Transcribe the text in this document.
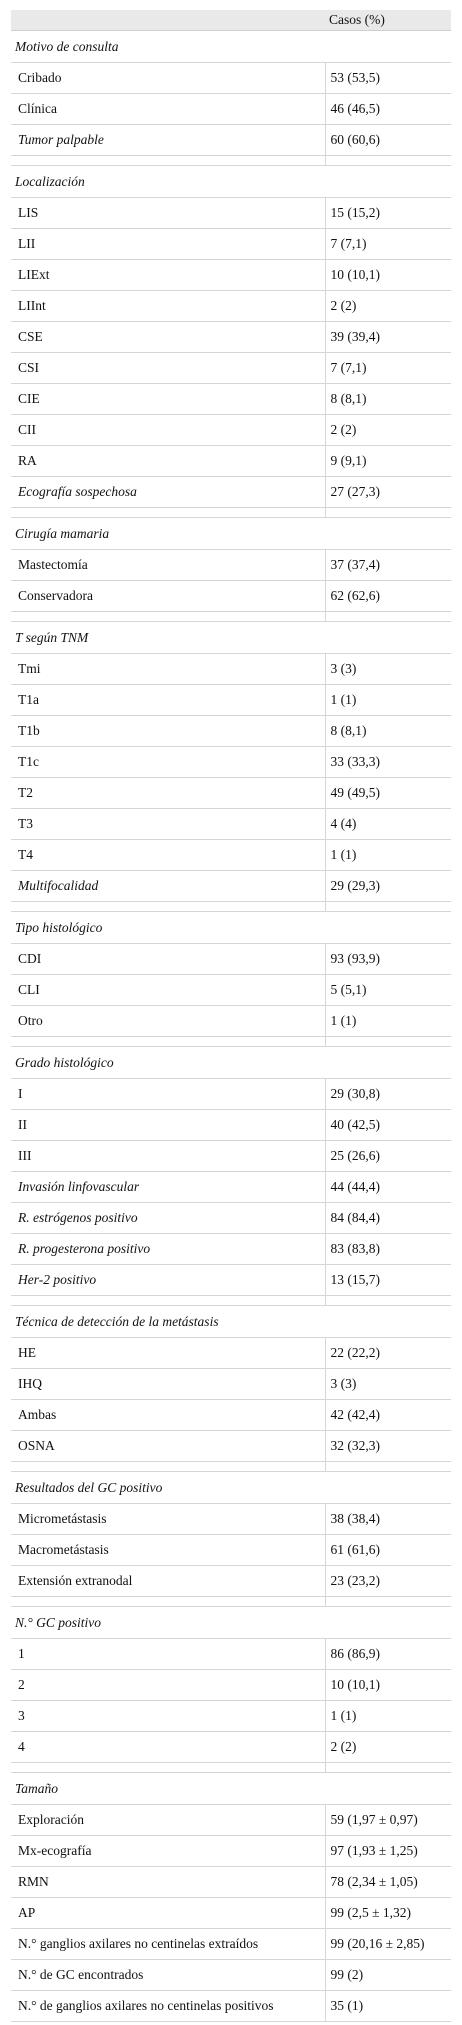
	Casos (%)
Motivo de consulta	
Cribado	53 (53,5)
Clínica	46 (46,5)
Tumor palpable	60 (60,6)

Localización	
LIS	15 (15,2)
LII	7 (7,1)
LIExt	10 (10,1)
LIInt	2 (2)
CSE	39 (39,4)
CSI	7 (7,1)
CIE	8 (8,1)
CII	2 (2)
RA	9 (9,1)
Ecografía sospechosa	27 (27,3)

Cirugía mamaria	
Mastectomía	37 (37,4)
Conservadora	62 (62,6)

T según TNM	
Tmi	3 (3)
T1a	1 (1)
T1b	8 (8,1)
T1c	33 (33,3)
T2	49 (49,5)
T3	4 (4)
T4	1 (1)
Multifocalidad	29 (29,3)

Tipo histológico	
CDI	93 (93,9)
CLI	5 (5,1)
Otro	1 (1)

Grado histológico	
I	29 (30,8)
II	40 (42,5)
III	25 (26,6)
Invasión linfovascular	44 (44,4)
R. estrógenos positivo	84 (84,4)
R. progesterona positivo	83 (83,8)
Her-2 positivo	13 (15,7)

Técnica de detección de la metástasis	
HE	22 (22,2)
IHQ	3 (3)
Ambas	42 (42,4)
OSNA	32 (32,3)

Resultados del GC positivo	
Micrometástasis	38 (38,4)
Macrometástasis	61 (61,6)
Extensión extranodal	23 (23,2)

N.° GC positivo	
1	86 (86,9)
2	10 (10,1)
3	1 (1)
4	2 (2)

Tamaño	
Exploración	59 (1,97 ± 0,97)
Mx-ecografía	97 (1,93 ± 1,25)
RMN	78 (2,34 ± 1,05)
AP	99 (2,5 ± 1,32)
N.° ganglios axilares no centinelas extraídos	99 (20,16 ± 2,85)
N.° de GC encontrados	99 (2)
N.° de ganglios axilares no centinelas positivos	35 (1)
